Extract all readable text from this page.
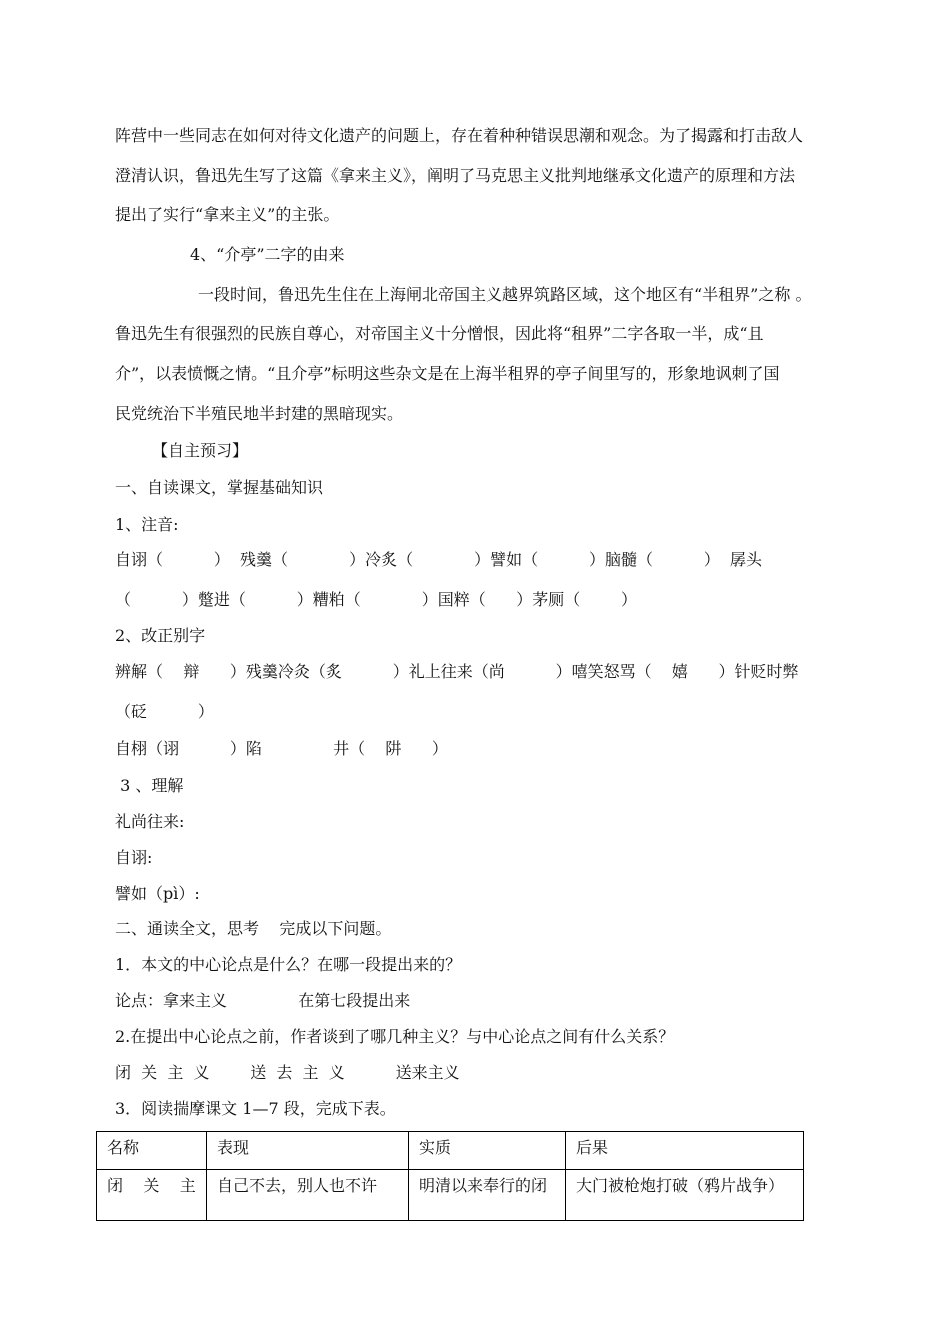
阵营中一些同志在如何对待文化遗产的问题上，存在着种种错误思潮和观念。为了揭露和打击敌人
澄清认识，鲁迅先生写了这篇《拿来主义》，阐明了马克思主义批判地继承文化遗产的原理和方法
提出了实行“拿来主义”的主张。
4、“介亭”二字的由来
一段时间，鲁迅先生住在上海闸北帝国主义越界筑路区域，这个地区有“半租界”之称 。
鲁迅先生有很强烈的民族自尊心，对帝国主义十分憎恨，因此将“租界”二字各取一半，成“且
介”，以表愤慨之情。“且介亭”标明这些杂文是在上海半租界的亭子间里写的，形象地讽刺了国
民党统治下半殖民地半封建的黑暗现实。
【自主预习】
一、自读课文，掌握基础知识
1、注音:
自诩（          ）  残羹（            ）冷炙（            ）譬如（          ）脑髓（          ）  孱头
（          ）蹩进（          ）糟粕（            ）国粹（      ）茅厕（        ）
2、改正别字
辨解（    辩      ）残羹冷灸（炙          ）礼上往来（尚          ）嘻笑怒骂（    嬉      ）针贬时弊
（砭          ）
自栩（诩          ）陷              井（    阱      ）
3 、理解
礼尚往来:
自诩:
譬如（pì）:
二、通读全文，思考    完成以下问题。
1．本文的中心论点是什么？在哪一段提出来的？
论点：拿来主义              在第七段提出来
2.在提出中心论点之前，作者谈到了哪几种主义？与中心论点之间有什么关系？
闭  关  主  义        送  去  主  义          送来主义
3．阅读揣摩课文 1—7 段，完成下表。
名称	表现	实质	后果
闭    关    主	自己不去，别人也不许	明清以来奉行的闭	大门被枪炮打破（鸦片战争）
